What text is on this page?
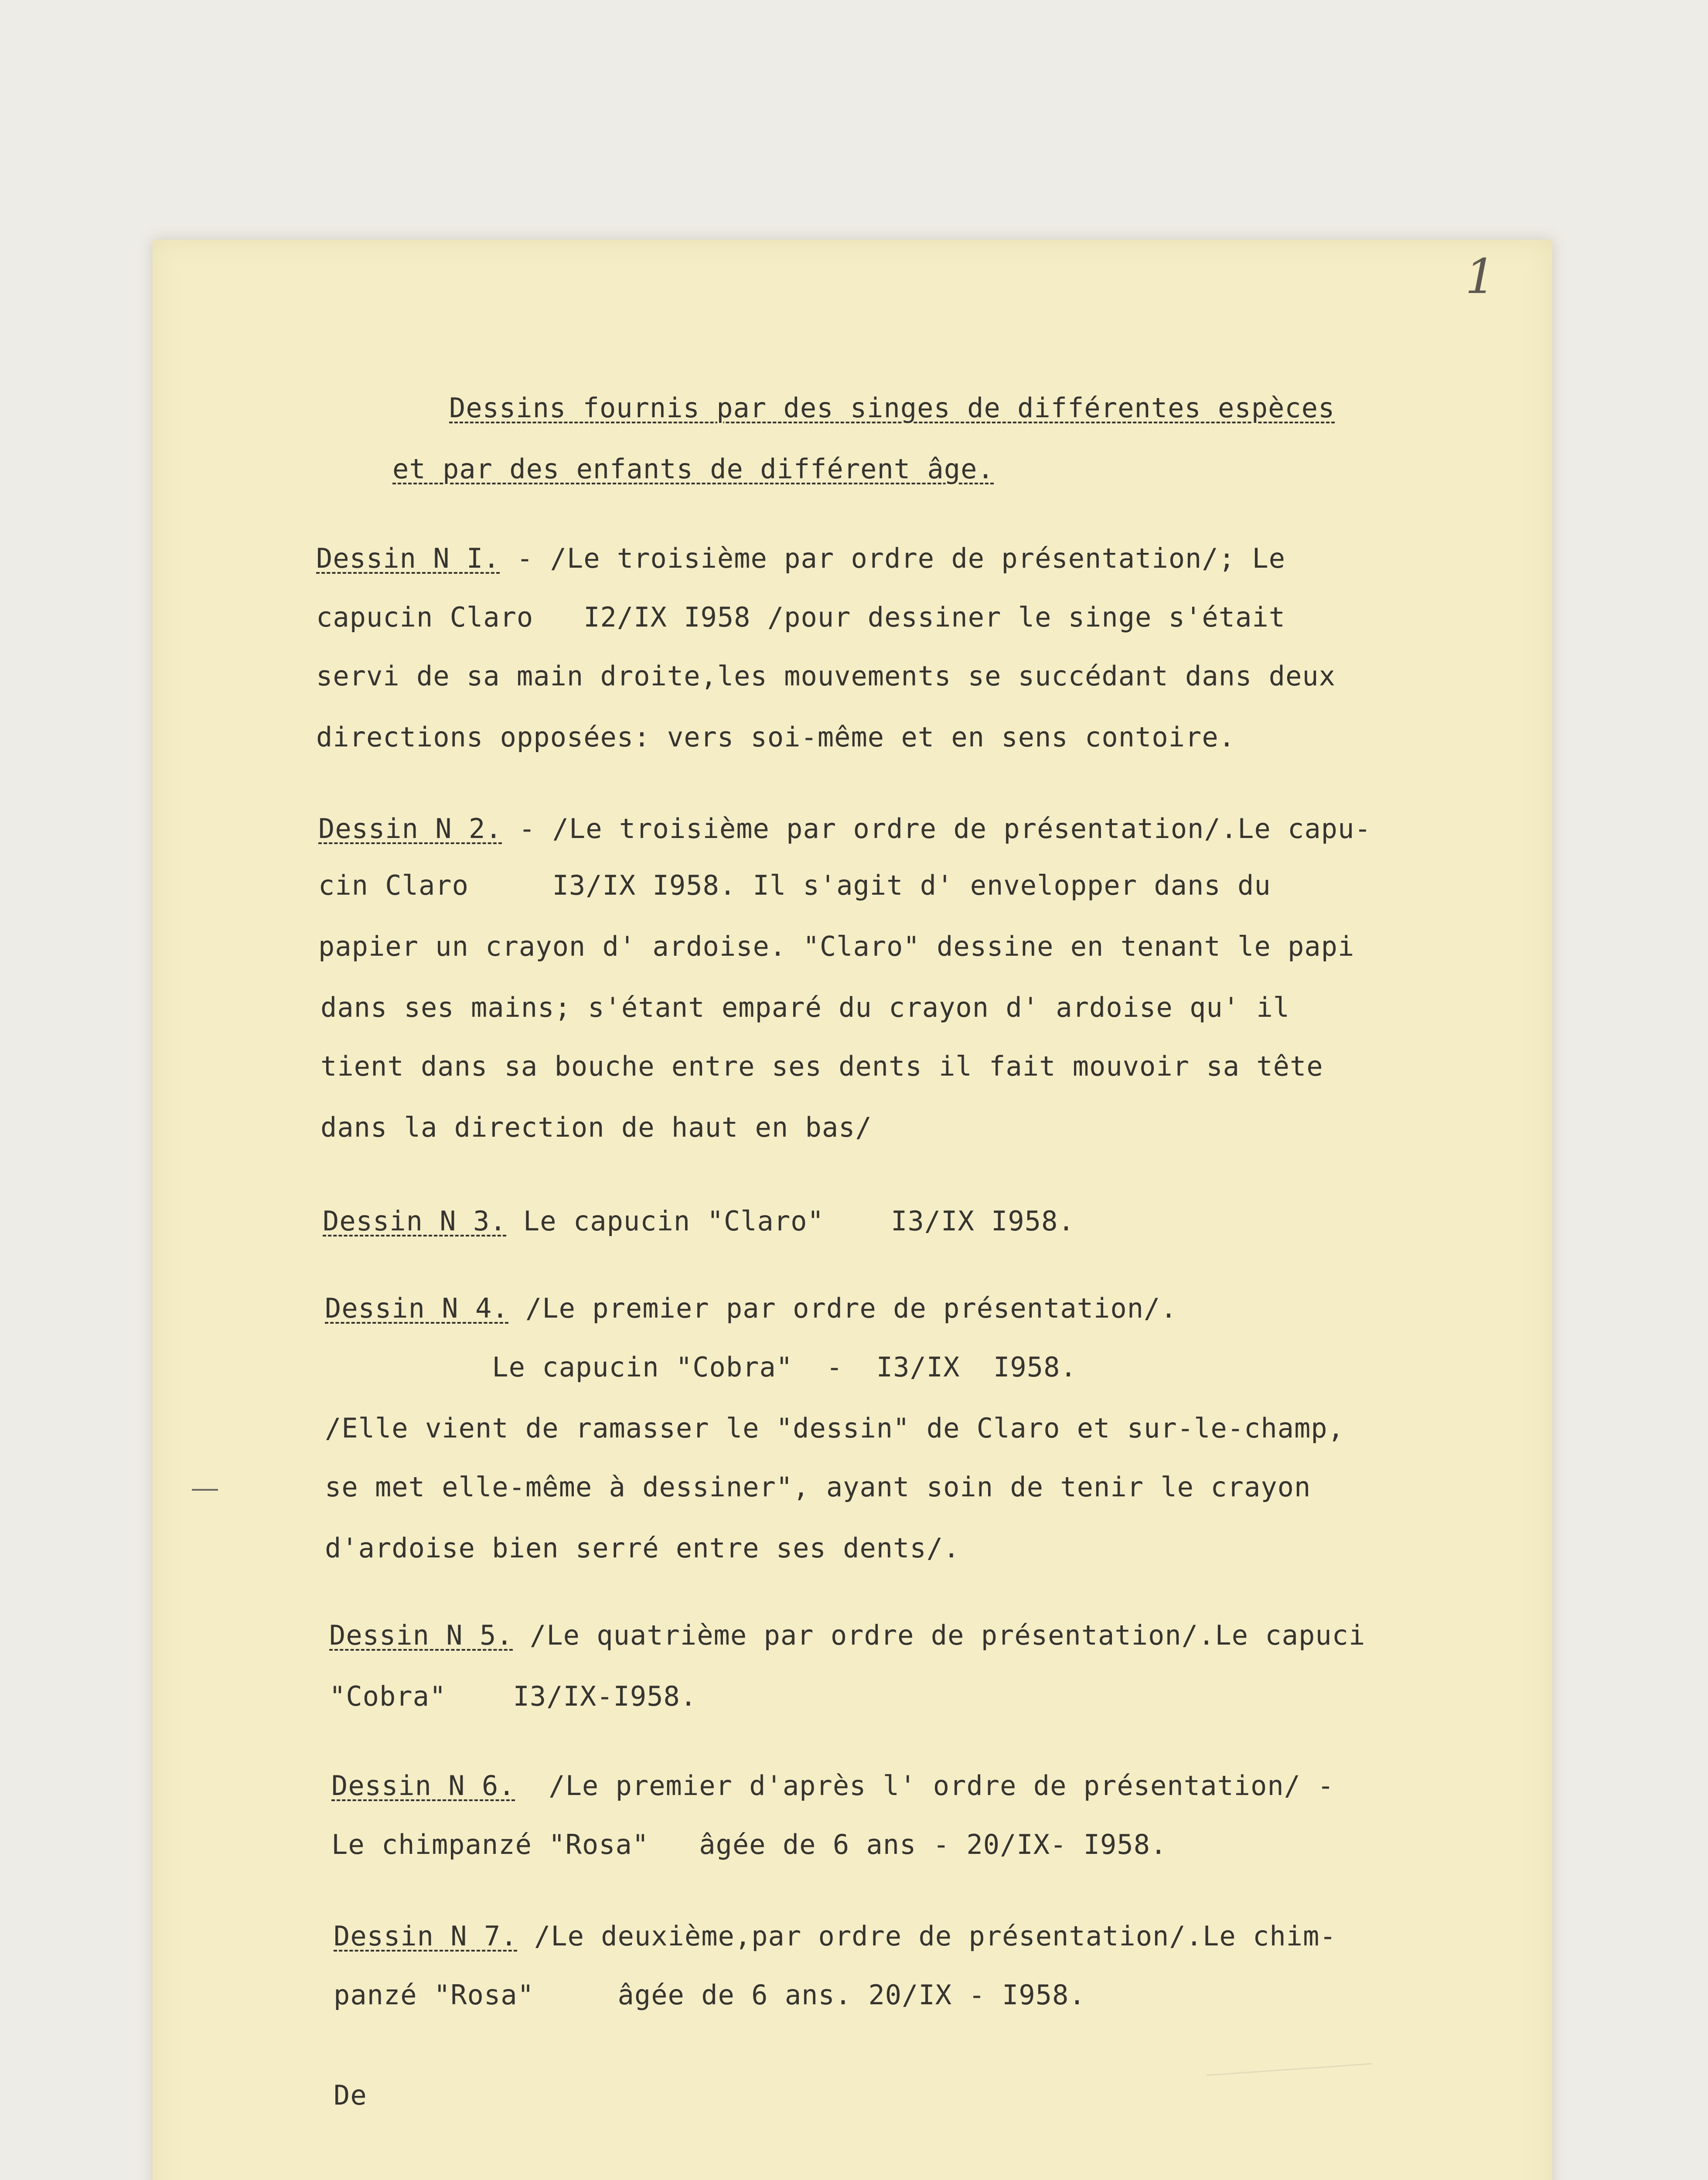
1

Dessins fournis par des singes de différentes espèces

et par des enfants de différent âge.

Dessin N I. - /Le troisième par ordre de présentation/; Le

capucin Claro   I2/IX I958 /pour dessiner le singe s'était

servi de sa main droite,les mouvements se succédant dans deux

directions opposées: vers soi-même et en sens contoire.

Dessin N 2. - /Le troisième par ordre de présentation/.Le capu-

cin Claro     I3/IX I958. Il s'agit d' envelopper dans du

papier un crayon d' ardoise. "Claro" dessine en tenant le papi

dans ses mains; s'étant emparé du crayon d' ardoise qu' il

tient dans sa bouche entre ses dents il fait mouvoir sa tête

dans la direction de haut en bas/

Dessin N 3. Le capucin "Claro"    I3/IX I958.

Dessin N 4. /Le premier par ordre de présentation/.

Le capucin "Cobra"  -  I3/IX  I958.

/Elle vient de ramasser le "dessin" de Claro et sur-le-champ,

se met elle-même à dessiner", ayant soin de tenir le crayon

d'ardoise bien serré entre ses dents/.

Dessin N 5. /Le quatrième par ordre de présentation/.Le capuci

"Cobra"    I3/IX-I958.

Dessin N 6.  /Le premier d'après l' ordre de présentation/ -

Le chimpanzé "Rosa"   âgée de 6 ans - 20/IX- I958.

Dessin N 7. /Le deuxième,par ordre de présentation/.Le chim-

panzé "Rosa"     âgée de 6 ans. 20/IX - I958.

De
